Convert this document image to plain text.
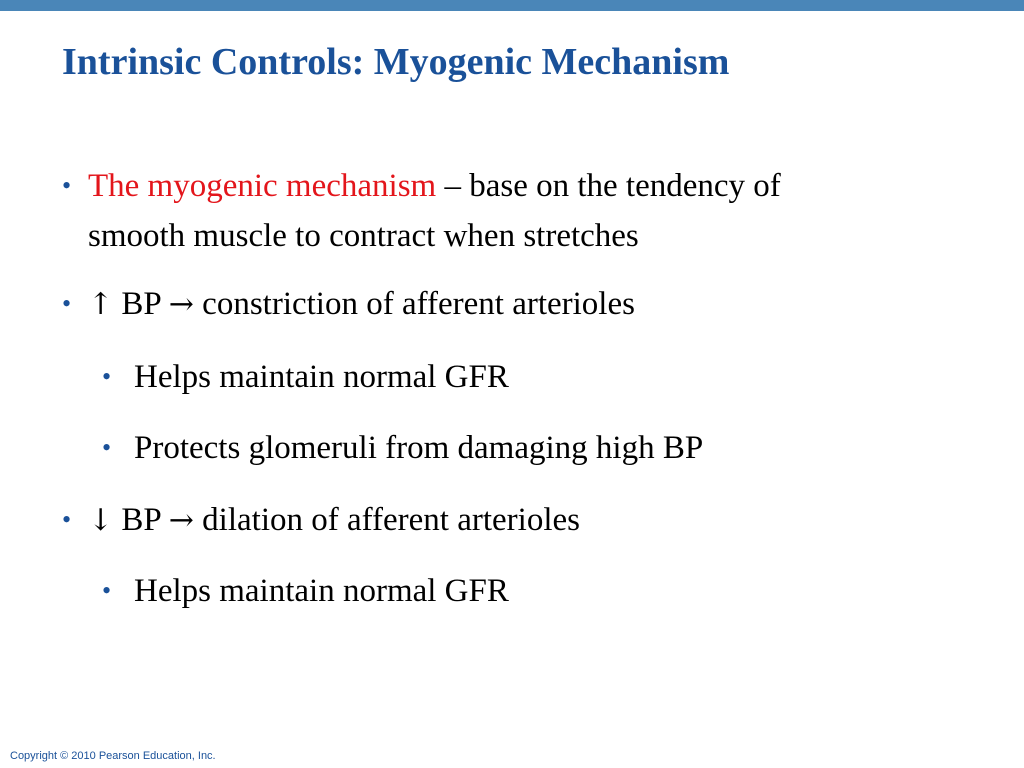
Intrinsic Controls: Myogenic Mechanism
• The myogenic mechanism – base on the tendency of
smooth muscle to contract when stretches
• ↑ BP → constriction of afferent arterioles
• Helps maintain normal GFR
• Protects glomeruli from damaging high BP
• ↓ BP → dilation of afferent arterioles
• Helps maintain normal GFR
Copyright © 2010 Pearson Education, Inc.
